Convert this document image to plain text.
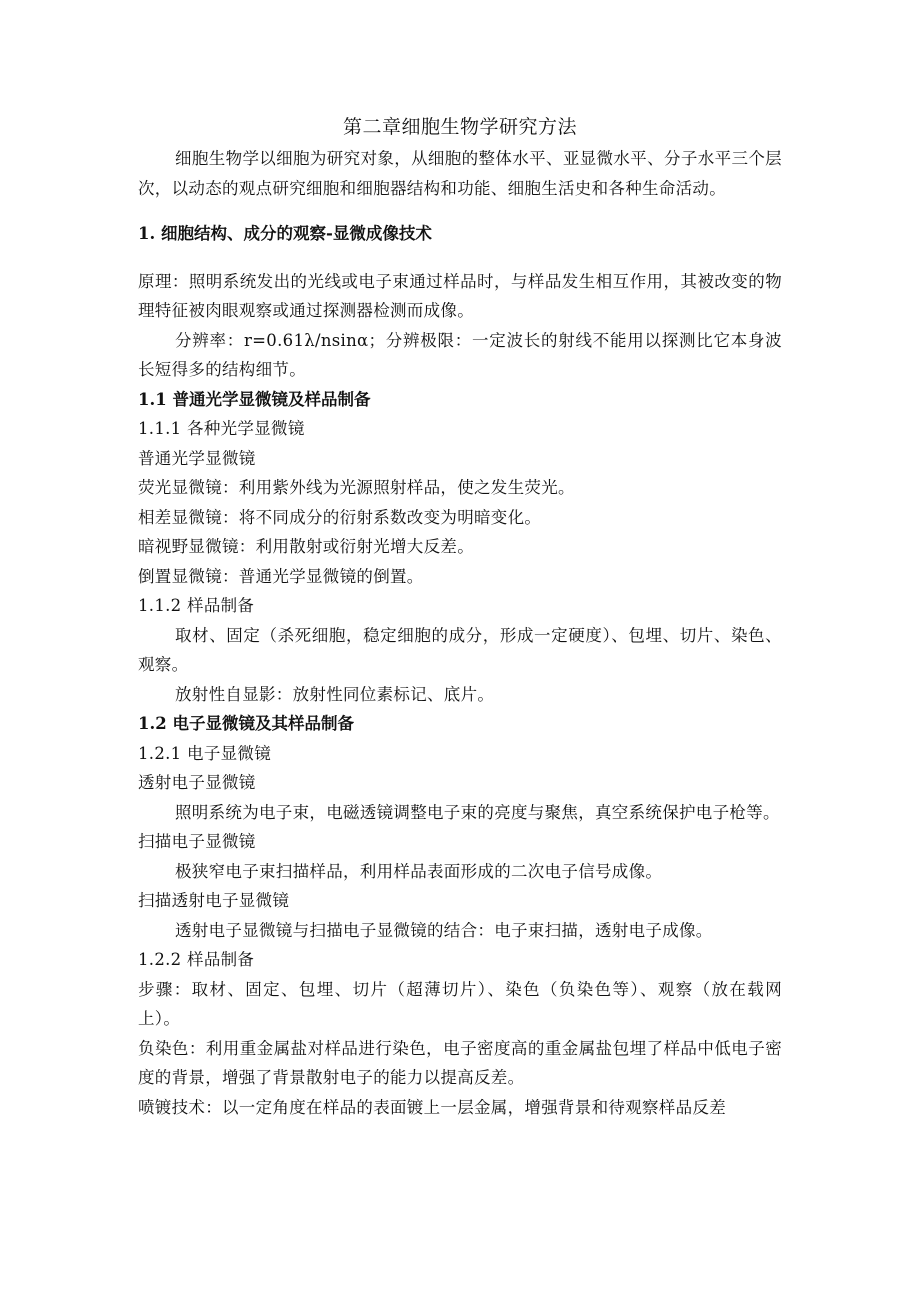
第二章细胞生物学研究方法

细胞生物学以细胞为研究对象，从细胞的整体水平、亚显微水平、分子水平三个层次，以动态的观点研究细胞和细胞器结构和功能、细胞生活史和各种生命活动。

1. 细胞结构、成分的观察-显微成像技术

原理：照明系统发出的光线或电子束通过样品时，与样品发生相互作用，其被改变的物理特征被肉眼观察或通过探测器检测而成像。

分辨率：r=0.61λ/nsinα；分辨极限：一定波长的射线不能用以探测比它本身波长短得多的结构细节。

1.1 普通光学显微镜及样品制备

1.1.1 各种光学显微镜

普通光学显微镜

荧光显微镜：利用紫外线为光源照射样品，使之发生荧光。

相差显微镜：将不同成分的衍射系数改变为明暗变化。

暗视野显微镜：利用散射或衍射光增大反差。

倒置显微镜：普通光学显微镜的倒置。

1.1.2 样品制备

取材、固定（杀死细胞，稳定细胞的成分，形成一定硬度）、包埋、切片、染色、观察。

放射性自显影：放射性同位素标记、底片。

1.2 电子显微镜及其样品制备

1.2.1 电子显微镜

透射电子显微镜

照明系统为电子束，电磁透镜调整电子束的亮度与聚焦，真空系统保护电子枪等。

扫描电子显微镜

极狭窄电子束扫描样品，利用样品表面形成的二次电子信号成像。

扫描透射电子显微镜

透射电子显微镜与扫描电子显微镜的结合：电子束扫描，透射电子成像。

1.2.2 样品制备

步骤：取材、固定、包埋、切片（超薄切片）、染色（负染色等）、观察（放在载网上）。

负染色：利用重金属盐对样品进行染色，电子密度高的重金属盐包埋了样品中低电子密度的背景，增强了背景散射电子的能力以提高反差。

喷镀技术：以一定角度在样品的表面镀上一层金属，增强背景和待观察样品反差
